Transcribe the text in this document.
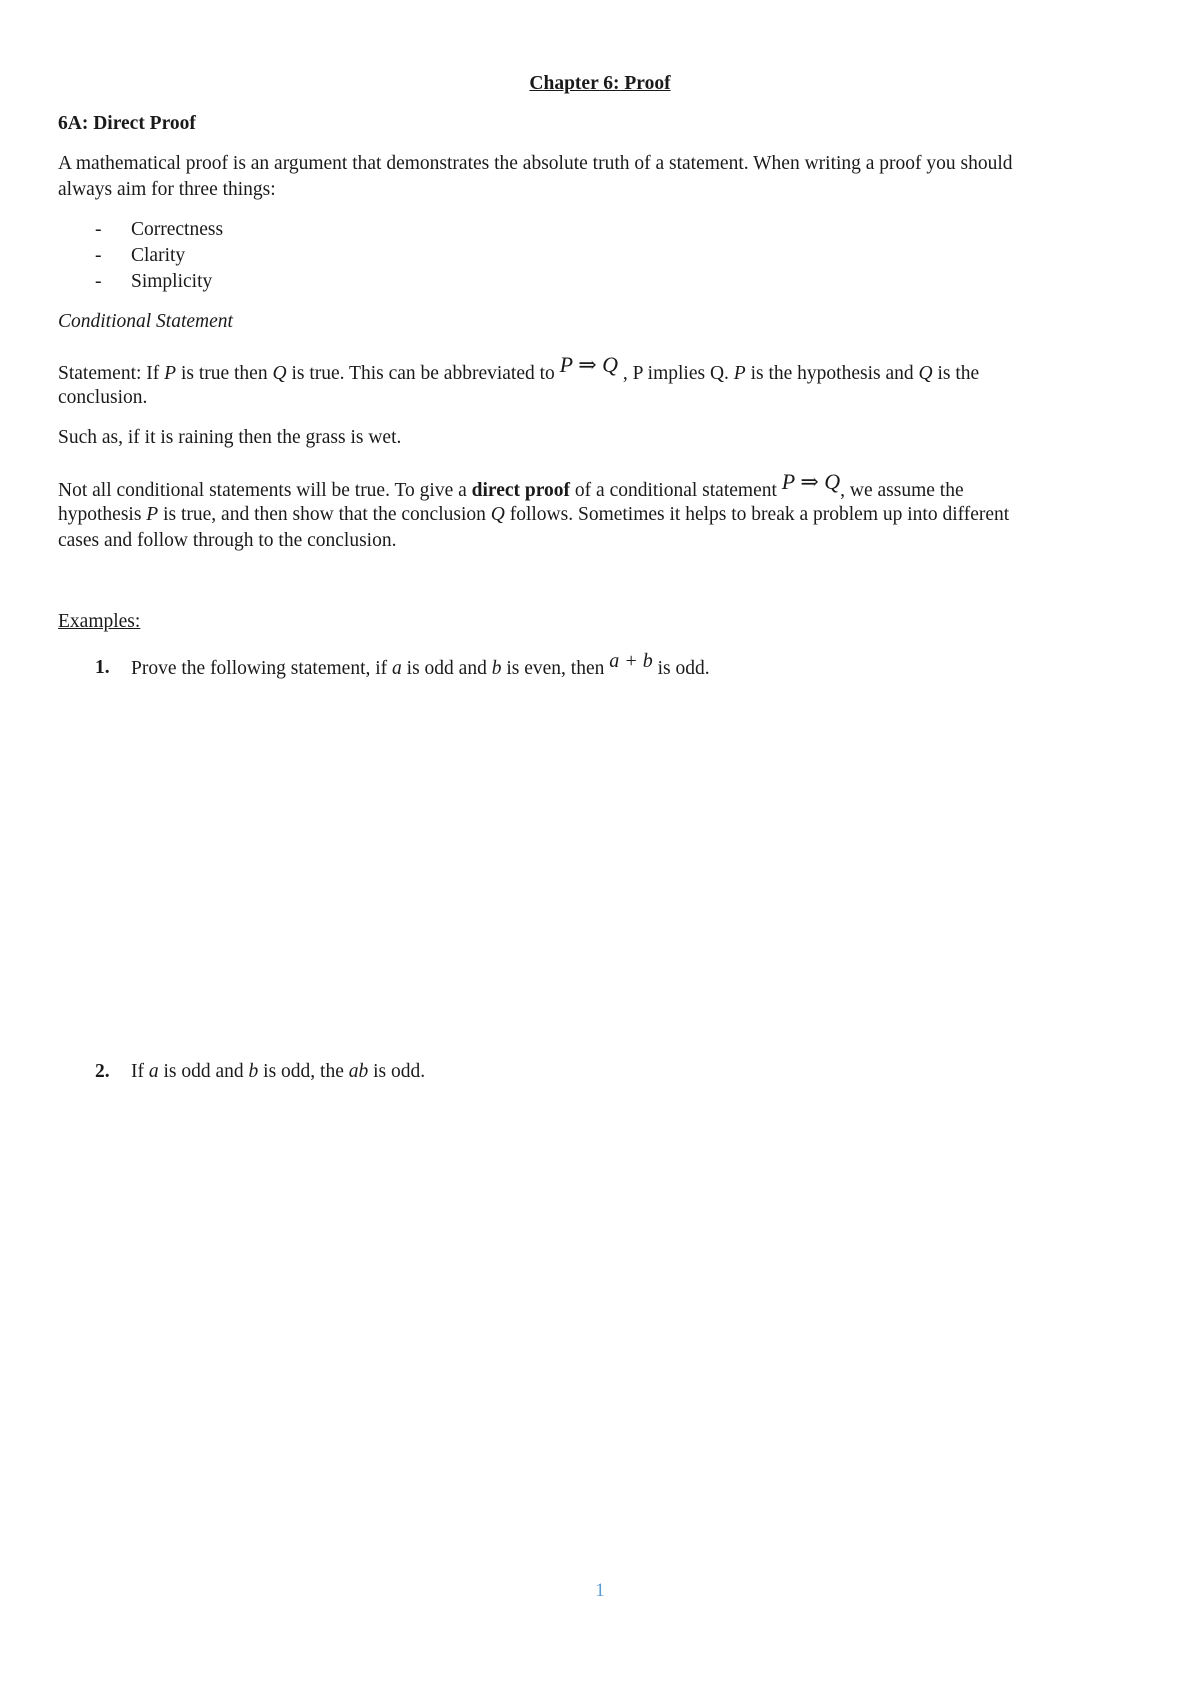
Chapter 6: Proof
6A: Direct Proof
A mathematical proof is an argument that demonstrates the absolute truth of a statement. When writing a proof you should
always aim for three things:
- Correctness
- Clarity
- Simplicity
Conditional Statement
Statement: If P is true then Q is true. This can be abbreviated to P ⇒ Q , P implies Q. P is the hypothesis and Q is the
conclusion.
Such as, if it is raining then the grass is wet.
Not all conditional statements will be true. To give a direct proof of a conditional statement P ⇒ Q, we assume the
hypothesis P is true, and then show that the conclusion Q follows. Sometimes it helps to break a problem up into different
cases and follow through to the conclusion.
Examples:
1. Prove the following statement, if a is odd and b is even, then a + b is odd.
2. If a is odd and b is odd, the ab is odd.
1
